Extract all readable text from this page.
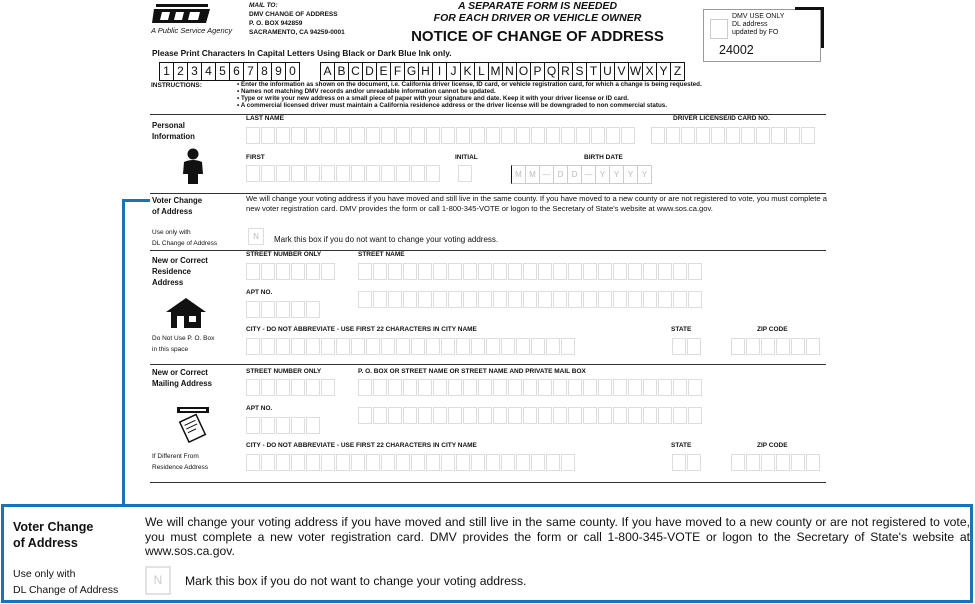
A Public Service Agency
MAIL TO:
DMV CHANGE OF ADDRESS
P. O. BOX 942859
SACRAMENTO, CA 94259-0001
A SEPARATE FORM IS NEEDED
FOR EACH DRIVER OR VEHICLE OWNER
NOTICE OF CHANGE OF ADDRESS
DMV USE ONLY
DL address
updated by FO
24002
Please Print Characters In Capital Letters Using Black or Dark Blue Ink only.
1 2 3 4 5 6 7 8 9 0	A B C D E F G H I J K L M N O P Q R S T U V W X Y Z
INSTRUCTIONS:	• Enter the information as shown on the document, i.e. California driver license, ID card, or vehicle registration card, for which a change is being requested.
• Names not matching DMV records and/or unreadable information cannot be updated.
• Type or write your new address on a small piece of paper with your signature and date. Keep it with your driver license or ID card.
• A commercial licensed driver must maintain a California residence address or the driver license will be downgraded to non commercial status.
Personal
Information
LAST NAME	DRIVER LICENSE/ID CARD NO.
FIRST	INITIAL	BIRTH DATE
M M — D	D — Y	Y	Y	Y
Voter Change
of Address
Use only with
DL Change of Address
We will change your voting address if you have moved and still live in the same county. If you have moved to a new county or are not registered to vote, you must complete a new voter registration card. DMV provides the form or call 1-800-345-VOTE or logon to the Secretary of State's website at www.sos.ca.gov.
N	Mark this box if you do not want to change your voting address.
New or Correct
Residence
Address
Do Not Use P. O. Box
in this space
STREET NUMBER ONLY	STREET NAME
APT NO.
CITY - DO NOT ABBREVIATE - USE FIRST 22 CHARACTERS IN CITY NAME	STATE	ZIP CODE
New or Correct
Mailing Address
If Different From
Residence Address
STREET NUMBER ONLY	P. O. BOX OR STREET NAME OR STREET NAME AND PRIVATE MAIL BOX
APT NO.
CITY - DO NOT ABBREVIATE - USE FIRST 22 CHARACTERS IN CITY NAME	STATE	ZIP CODE
Voter Change
of Address
Use only with
DL Change of Address
We will change your voting address if you have moved and still live in the same county. If you have moved to a new county or are not registered to vote, you must complete a new voter registration card. DMV provides the form or call 1-800-345-VOTE or logon to the Secretary of State's website at www.sos.ca.gov.
N	Mark this box if you do not want to change your voting address.
